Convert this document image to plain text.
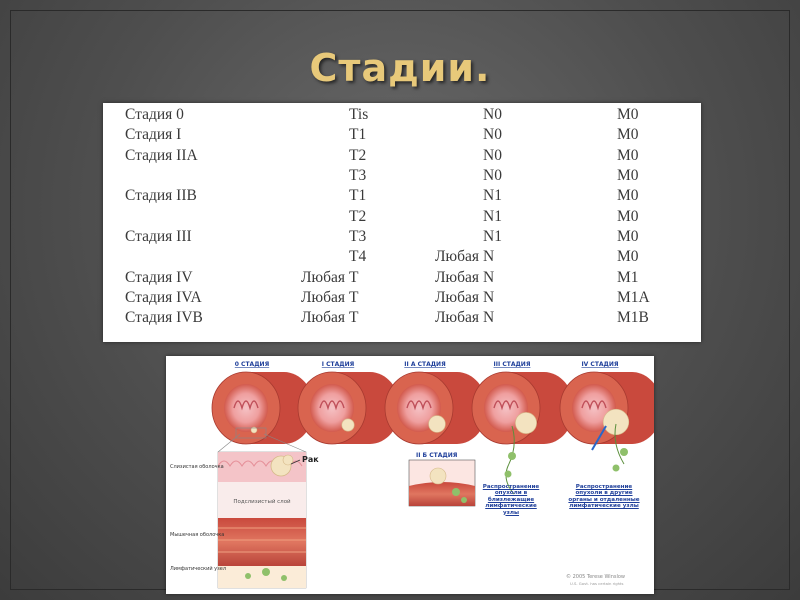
Стадии.
Стадия 0		Tis		N0	M0
Стадия I		T1		N0	M0
Стадия IIA		T2		N0	M0
		T3		N0	M0
Стадия IIB		T1		N1	M0
		T2		N1	M0
Стадия III		T3		N1	M0
		T4	Любая	N	M0
Стадия IV	Любая	T	Любая	N	M1
Стадия IVA	Любая	T	Любая	N	M1A
Стадия IVB	Любая	T	Любая	N	M1B
0 СТАДИЯ	I СТАДИЯ	II А СТАДИЯ	III СТАДИЯ	IV СТАДИЯ
Рак
Подслизистый слой
Слизистая оболочка
Мышечная оболочка
Лимфатический узел
II Б СТАДИЯ
Распространение опухоли в близлежащие лимфатические узлы
Распространение опухоли в другие органы и отдаленные лимфатические узлы
© 2005 Terese Winslow
U.S. Govt. has certain rights
